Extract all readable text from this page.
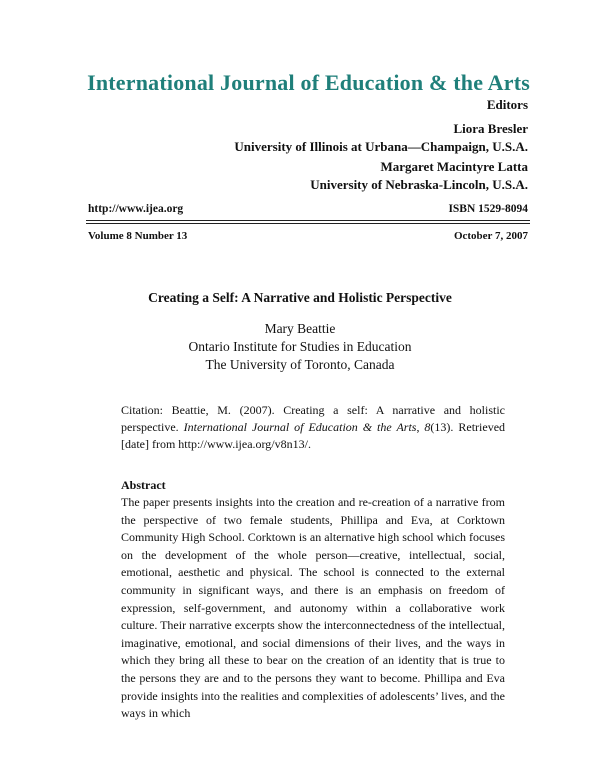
International Journal of Education & the Arts
Editors
Liora Bresler
University of Illinois at Urbana—Champaign, U.S.A.
Margaret Macintyre Latta
University of Nebraska-Lincoln, U.S.A.
http://www.ijea.org	ISBN 1529-8094
Volume 8 Number 13	October 7, 2007
Creating a Self: A Narrative and Holistic Perspective
Mary Beattie
Ontario Institute for Studies in Education
The University of Toronto, Canada
Citation: Beattie, M. (2007). Creating a self: A narrative and holistic perspective. International Journal of Education & the Arts, 8(13). Retrieved [date] from http://www.ijea.org/v8n13/.
Abstract
The paper presents insights into the creation and re-creation of a narrative from the perspective of two female students, Phillipa and Eva, at Corktown Community High School. Corktown is an alternative high school which focuses on the development of the whole person—creative, intellectual, social, emotional, aesthetic and physical. The school is connected to the external community in significant ways, and there is an emphasis on freedom of expression, self-government, and autonomy within a collaborative work culture. Their narrative excerpts show the interconnectedness of the intellectual, imaginative, emotional, and social dimensions of their lives, and the ways in which they bring all these to bear on the creation of an identity that is true to the persons they are and to the persons they want to become. Phillipa and Eva provide insights into the realities and complexities of adolescents’ lives, and the ways in which
